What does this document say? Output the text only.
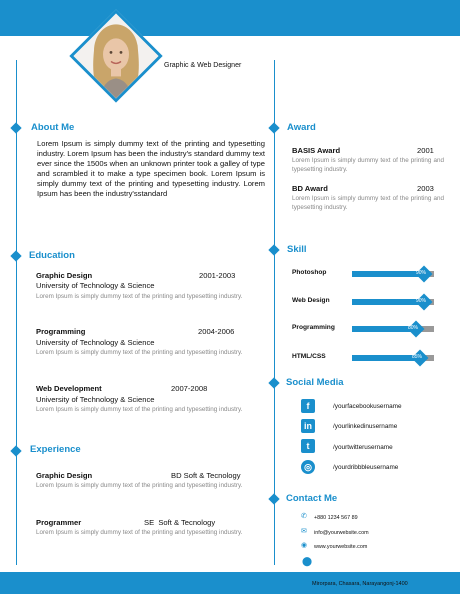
Mirorpara, Chasara, Narayangonj-1400
Sally Smith
Graphic & Web Designer
About Me
Lorem Ipsum is simply dummy text of the printing and typesetting industry. Lorem Ipsum has been the industry's standard dummy text ever since the 1500s when an unknown printer took a galley of type and scrambled it to make a type specimen book. Lorem Ipsum is simply dummy text of the printing and typesetting industry. Lorem Ipsum has been the industry'sstandard
Education
Graphic Design	2001-2003
University of Technology & Science
Lorem Ipsum is simply dummy text of the printing and typesetting industry.
Programming	2004-2006
University of Technology & Science
Lorem Ipsum is simply dummy text of the printing and typesetting industry.
Web Development	2007-2008
University of Technology & Science
Lorem Ipsum is simply dummy text of the printing and typesetting industry.
Experience
Graphic Design	BD Soft & Tecnology
Lorem Ipsum is simply dummy text of the printing and typesetting industry.
Programmer	SE  Soft & Tecnology
Lorem Ipsum is simply dummy text of the printing and typesetting industry.
Award
BASIS Award	2001
Lorem Ipsum is simply dummy text of the printing and typesetting industry.
BD Award	2003
Lorem Ipsum is simply dummy text of the printing and typesetting industry.
Skill
Photoshop	90%
Web Design	90%
Programming	80%
HTML/CSS	85%
Social Media
f	/yourfacebookusername
in	/yourlinkedinusername
t	/yourtwitterusername
◎	/yourdribbbleusername
Contact Me
✆ +880 1234 567 89
✉ info@yourwebsite.com
◉ www.yourwebsite.com
⬤
